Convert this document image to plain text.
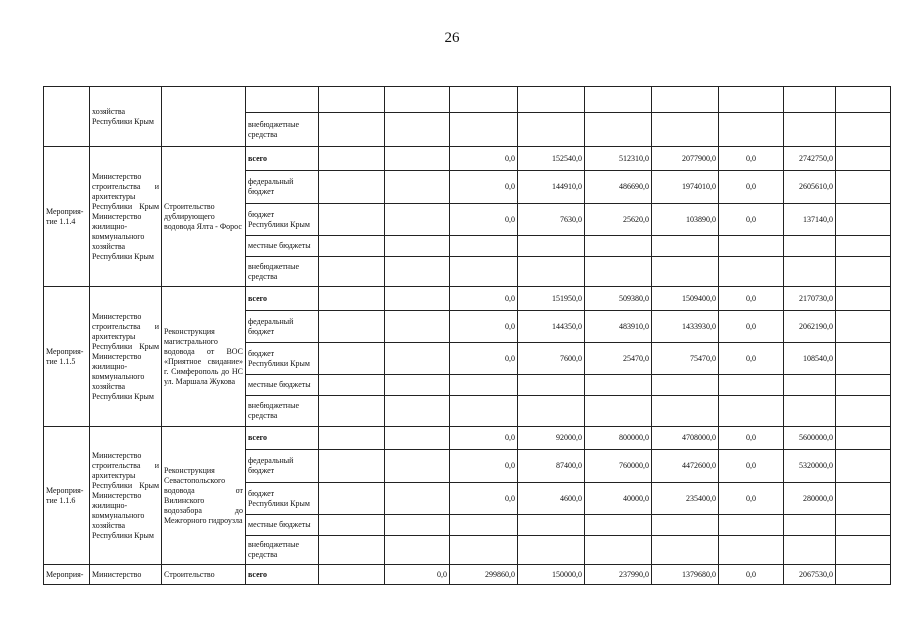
26
	хозяйства Республики Крым											
			внебюджетные средства									
Мероприя-тие 1.1.4	Министерство строительства и архитектуры Республики Крым Министерство жилищно-коммунального хозяйства Республики Крым	Строительство дублирующего водовода Ялта - Форос	всего			0,0	152540,0	512310,0	2077900,0	0,0	2742750,0	
			федеральный бюджет			0,0	144910,0	486690,0	1974010,0	0,0	2605610,0	
			бюджет Республики Крым			0,0	7630,0	25620,0	103890,0	0,0	137140,0	
			местные бюджеты									
			внебюджетные средства									
Мероприя-тие 1.1.5	Министерство строительства и архитектуры Республики Крым Министерство жилищно-коммунального хозяйства Республики Крым	Реконструкция магистрального водовода от ВОС «Приятное свидание» г. Симферополь до НС ул. Маршала Жукова	всего			0,0	151950,0	509380,0	1509400,0	0,0	2170730,0	
			федеральный бюджет			0,0	144350,0	483910,0	1433930,0	0,0	2062190,0	
			бюджет Республики Крым			0,0	7600,0	25470,0	75470,0	0,0	108540,0	
			местные бюджеты									
			внебюджетные средства									
Мероприя-тие 1.1.6	Министерство строительства и архитектуры Республики Крым Министерство жилищно-коммунального хозяйства Республики Крым	Реконструкция Севастопольского водовода от Вилинского водозабора до Межгорного гидроузла	всего			0,0	92000,0	800000,0	4708000,0	0,0	5600000,0	
			федеральный бюджет			0,0	87400,0	760000,0	4472600,0	0,0	5320000,0	
			бюджет Республики Крым			0,0	4600,0	40000,0	235400,0	0,0	280000,0	
			местные бюджеты									
			внебюджетные средства									
Мероприя-	Министерство	Строительство	всего		0,0	299860,0	150000,0	237990,0	1379680,0	0,0	2067530,0	
